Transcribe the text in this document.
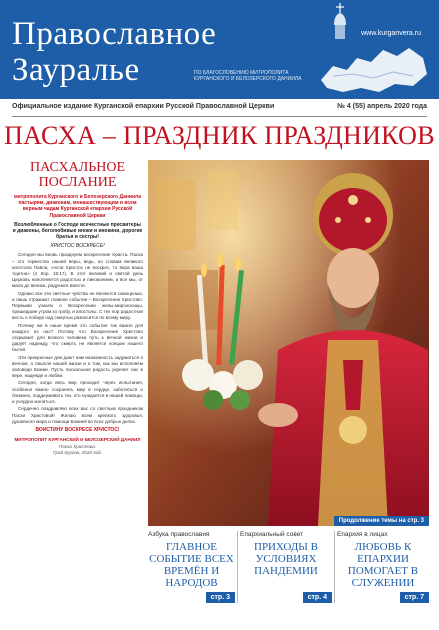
Православное
Зауралье	ПО БЛАГОСЛОВЕНИЮ МИТРОПОЛИТА КУРГАНСКОГО И БЕЛОЗЕРСКОГО ДАНИИЛА
www.kurganvera.ru
Официальное издание Курганской епархии Русской Православной Церкви	№ 4 (55) апрель 2020 года
ПАСХА – ПРАЗДНИК ПРАЗДНИКОВ
ПАСХАЛЬНОЕ
ПОСЛАНИЕ
митрополита Курганского и Белозерского Даниила пастырям, диаконам, монашествующим и всем верным чадам Курганской епархии Русской Православной Церкви
Возлюбленные о Господе всечестные пресвитеры и диаконы, боголюбивые иноки и инокини, дорогие братья и сестры!
ХРИСТОС ВОСКРЕСЕ!

Сегодня мы вновь празднуем воскресение Христа. Пасха – это торжество нашей веры, ведь, по словам великого апостола Павла, «если Христос не воскрес, то вера ваша тщетна» (1 Кор. 15:17). В этот великий и святой день Церковь наполняется радостью и ликованием, и все мы, от мала до велика, радуемся вместе.

Однако все эти светлые чувства не являются самоцелью, а лишь отражают главное событие – Воскресение Христово. Первыми узнали о Воскресении жены-мироносицы, пришедшие утром ко гробу, и апостолы. С тех пор радостная весть о победе над смертью разносится по всему миру.

Почему же в наше время это событие так важно для каждого из нас? Потому что Воскресение Христово открывает для всякого человека путь к вечной жизни и дарует надежду, что смерть не является концом нашего бытия.

Эти прекрасные дни дают нам возможность задуматься о вечном, о смысле нашей жизни и о том, как мы исполняем заповеди Божии. Пусть пасхальная радость укрепит нас в вере, надежде и любви.

Сегодня, когда весь мир проходит через испытания, особенно важно сохранять мир в сердце, заботиться о ближних, поддерживать тех, кто нуждается в нашей помощи, и усердно молиться.

Сердечно поздравляю всех вас со светлым праздником Пасхи Христовой! Желаю всем крепкого здоровья, душевного мира и помощи Божией во всех добрых делах.

ВОИСТИНУ ВОСКРЕСЕ ХРИСТОС!
МИТРОПОЛИТ КУРГАНСКИЙ И БЕЛОЗЕРСКИЙ ДАНИИЛ
Пасха Христова.
Град Курган, 2020 год.
Продолжение темы на стр. 3
Азбука православия
ГЛАВНОЕ СОБЫТИЕ ВСЕХ ВРЕМЁН И НАРОДОВ
стр. 3
Епархиальный совет
ПРИХОДЫ В УСЛОВИЯХ ПАНДЕМИИ
стр. 4
Епархия в лицах
ЛЮБОВЬ К ЕПАРХИИ ПОМОГАЕТ В СЛУЖЕНИИ
стр. 7
